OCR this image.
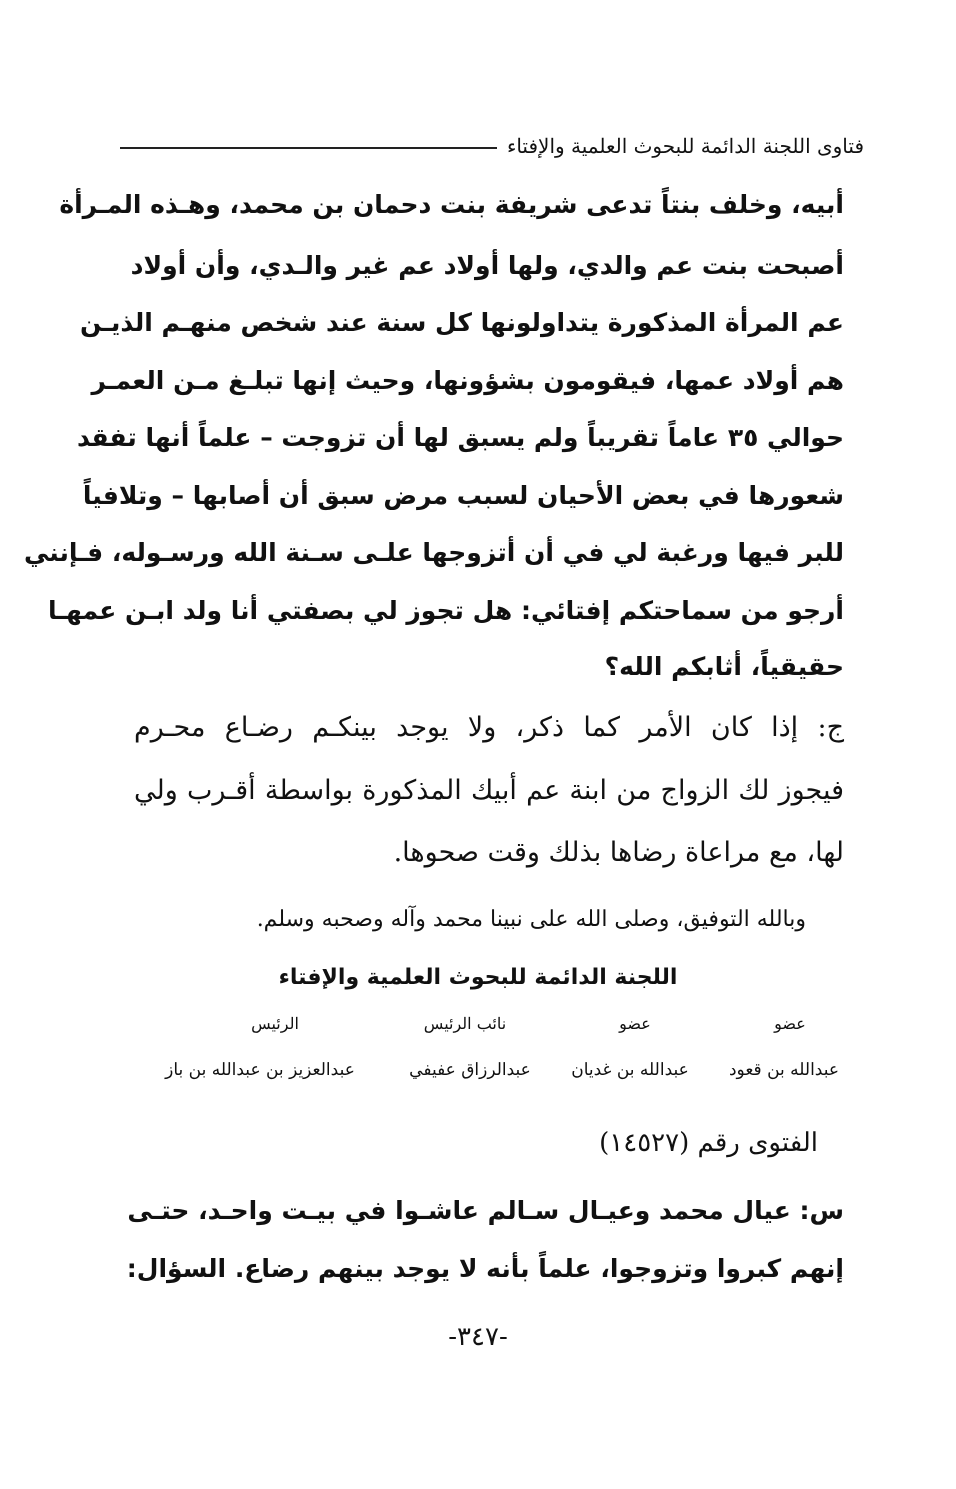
فتاوى اللجنة الدائمة للبحوث العلمية والإفتاء
أبيه، وخلف بنتاً تدعى شريفة بنت دحمان بن محمد، وهـذه المـرأة
أصبحت بنت عم والدي، ولها أولاد عم غير والـدي، وأن أولاد
عم المرأة المذكورة يتداولونها كل سنة عند شخص منهـم الذيـن
هم أولاد عمها، فيقومون بشؤونها، وحيث إنها تبلـغ مـن العمـر
حوالي ٣٥ عاماً تقريباً ولم يسبق لها أن تزوجت – علماً أنها تفقد
شعورها في بعض الأحيان لسبب مرض سبق أن أصابها – وتلافياً
للبر فيها ورغبة لي في أن أتزوجها علـى سـنة الله ورسـوله، فـإنني
أرجو من سماحتكم إفتائي: هل تجوز لي بصفتي أنا ولد ابـن عمهـا
حقيقياً، أثابكم الله؟
ج: إذا كان الأمر كما ذكر، ولا يوجد بينكـم رضـاع محـرم
فيجوز لك الزواج من ابنة عم أبيك المذكورة بواسطة أقـرب ولي
لها، مع مراعاة رضاها بذلك وقت صحوها.
وبالله التوفيق، وصلى الله على نبينا محمد وآله وصحبه وسلم.
اللجنة الدائمة للبحوث العلمية والإفتاء
عضو
عضو
نائب الرئيس
الرئيس
عبدالله بن قعود
عبدالله بن غديان
عبدالرزاق عفيفي
عبدالعزيز بن عبدالله بن باز
الفتوى رقم (١٤٥٢٧)
س: عيال محمد وعيـال سـالم عاشـوا في بيـت واحـد، حتـى
إنهم كبروا وتزوجوا، علماً بأنه لا يوجد بينهم رضاع. السؤال:
-٣٤٧-
